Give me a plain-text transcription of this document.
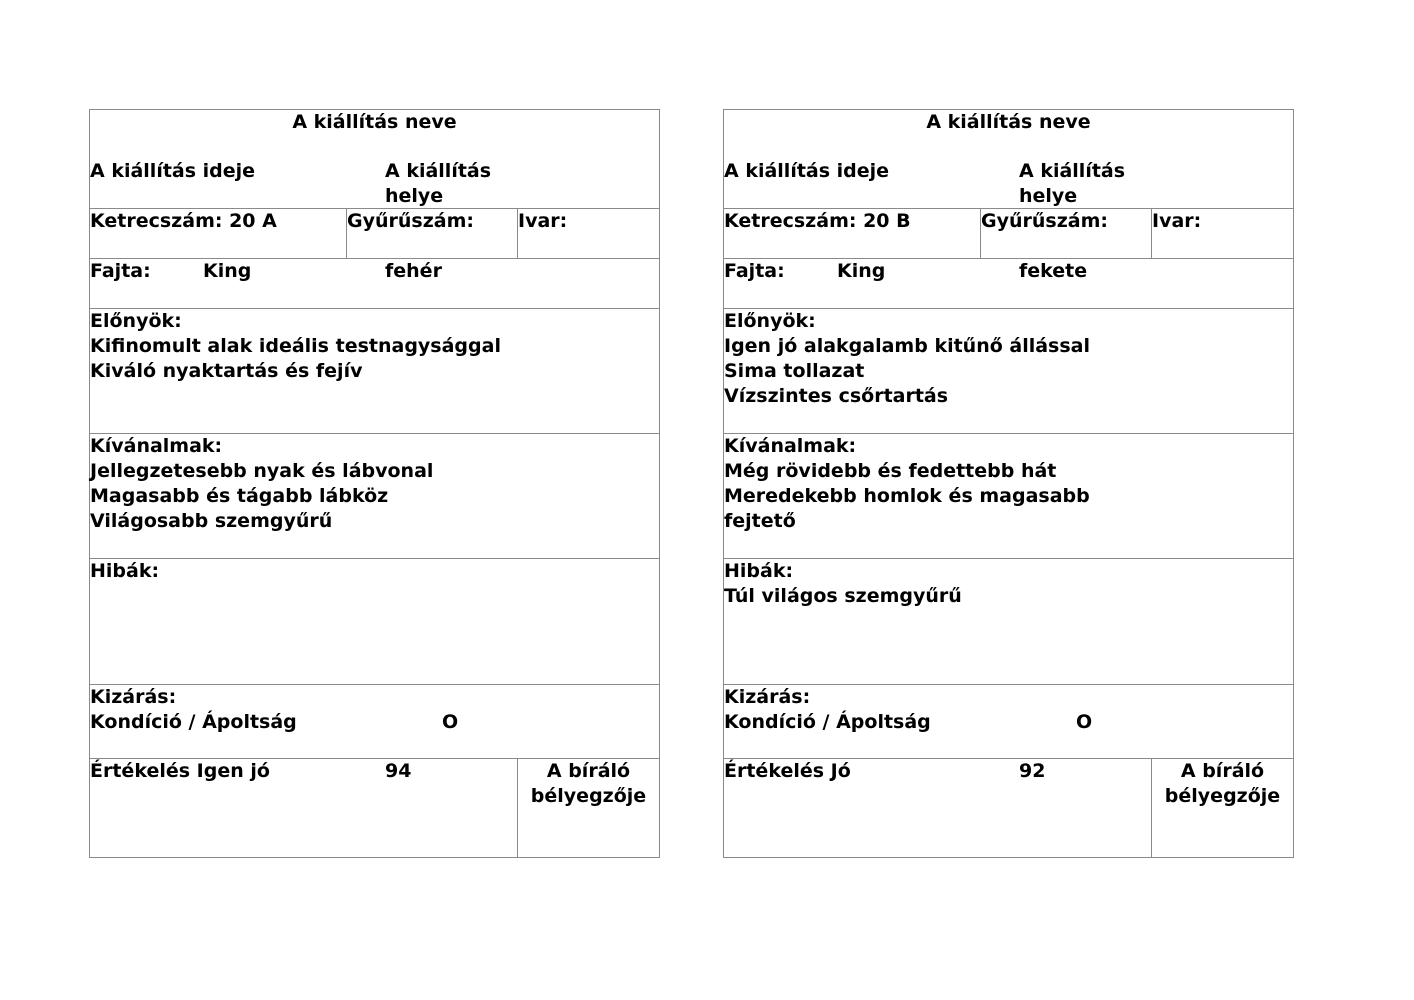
A kiállítás neve
A kiállítás ideje	A kiállítás helye
Ketrecszám: 20 A	Gyűrűszám:	Ivar:
Fajta:	King	fehér
Előnyök:
Kifinomult alak ideális testnagysággal
Kiváló nyaktartás és fejív
Kívánalmak:
Jellegzetesebb nyak és lábvonal
Magasabb és tágabb lábköz
Világosabb szemgyűrű
Hibák:
Kizárás:
Kondíció / Ápoltság	O
Értékelés Igen jó	94	A bíráló bélyegzője
A kiállítás neve
A kiállítás ideje	A kiállítás helye
Ketrecszám: 20 B	Gyűrűszám:	Ivar:
Fajta:	King	fekete
Előnyök:
Igen jó alakgalamb kitűnő állással
Sima tollazat
Vízszintes csőrtartás
Kívánalmak:
Még rövidebb és fedettebb hát
Meredekebb homlok és magasabb fejtető
Hibák:
Túl világos szemgyűrű
Kizárás:
Kondíció / Ápoltság	O
Értékelés Jó	92	A bíráló bélyegzője
